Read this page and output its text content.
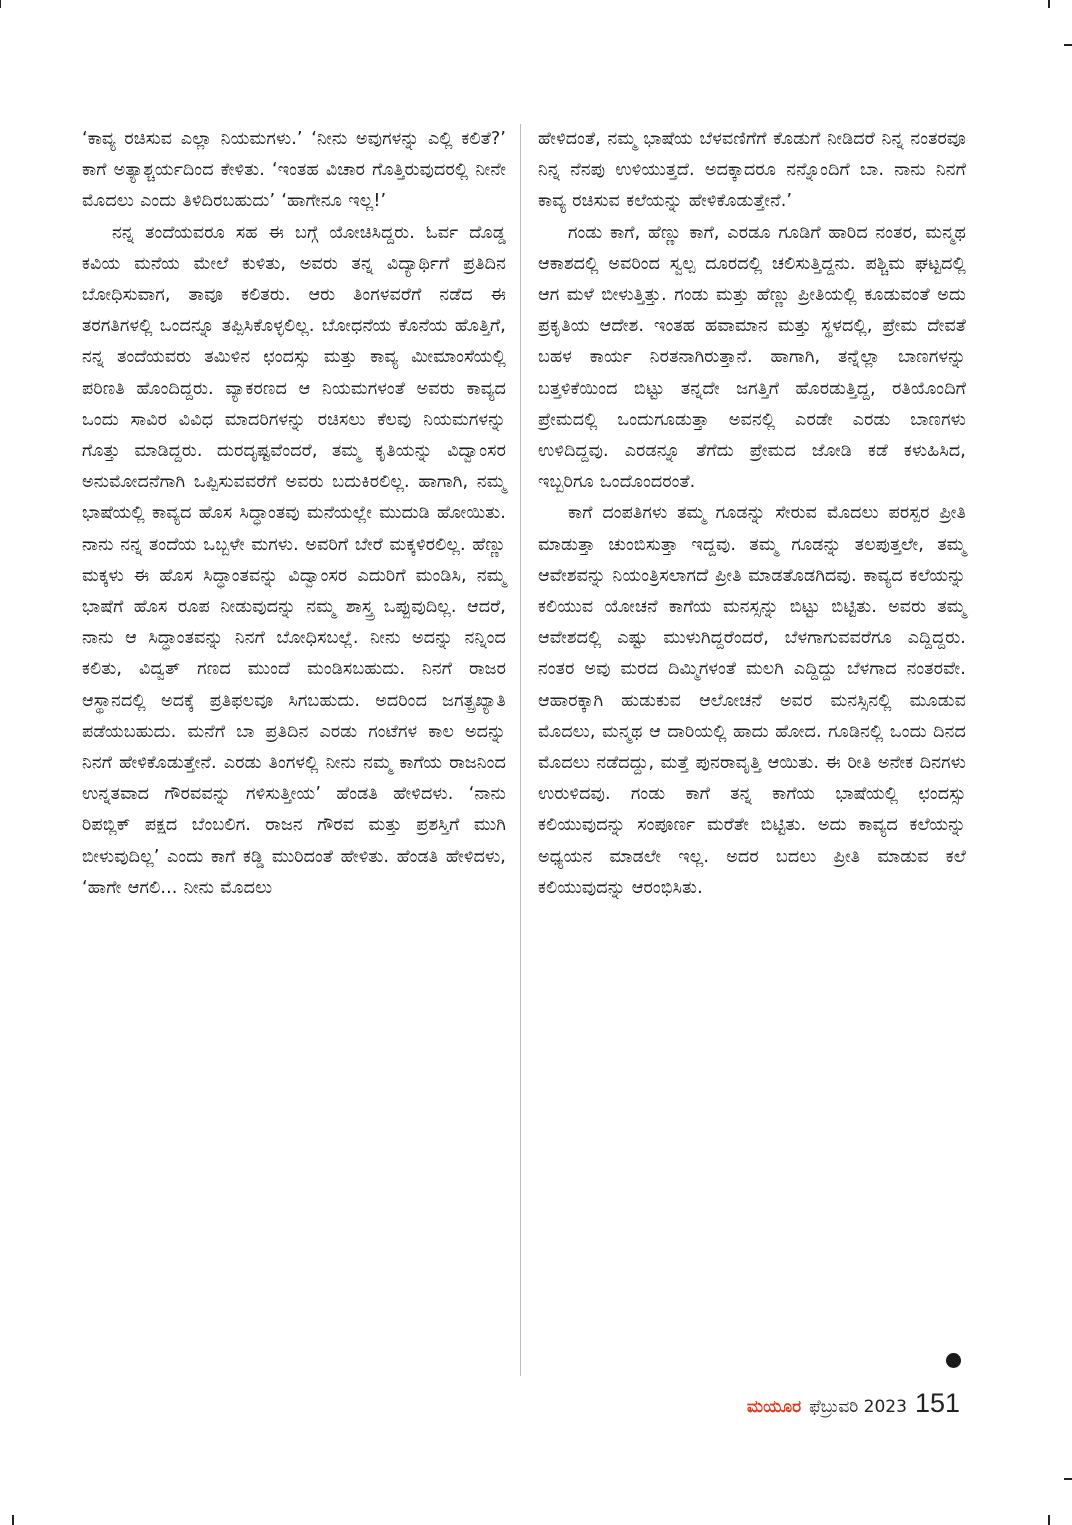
‘ಕಾವ್ಯ ರಚಿಸುವ ಎಲ್ಲಾ ನಿಯಮಗಳು.’ ‘ನೀನು ಅವುಗಳನ್ನು ಎಲ್ಲಿ ಕಲಿತೆ?’ ಕಾಗೆ ಅತ್ಯಾಶ್ಚರ್ಯದಿಂದ ಕೇಳಿತು. ‘ಇಂತಹ ವಿಚಾರ ಗೊತ್ತಿರುವುದರಲ್ಲಿ ನೀನೇ ಮೊದಲು ಎಂದು ತಿಳಿದಿರಬಹುದು’ ‘ಹಾಗೇನೂ ಇಲ್ಲ!’

ನನ್ನ ತಂದೆಯವರೂ ಸಹ ಈ ಬಗ್ಗೆ ಯೋಚಿಸಿದ್ದರು. ಓರ್ವ ದೊಡ್ಡ ಕವಿಯ ಮನೆಯ ಮೇಲೆ ಕುಳಿತು, ಅವರು ತನ್ನ ವಿದ್ಯಾರ್ಥಿಗೆ ಪ್ರತಿದಿನ ಬೋಧಿಸುವಾಗ, ತಾವೂ ಕಲಿತರು. ಆರು ತಿಂಗಳವರೆಗೆ ನಡೆದ ಈ ತರಗತಿಗಳಲ್ಲಿ ಒಂದನ್ನೂ ತಪ್ಪಿಸಿಕೊಳ್ಳಲಿಲ್ಲ. ಬೋಧನೆಯ ಕೊನೆಯ ಹೊತ್ತಿಗೆ, ನನ್ನ ತಂದೆಯವರು ತಮಿಳಿನ ಛಂದಸ್ಸು ಮತ್ತು ಕಾವ್ಯ ಮೀಮಾಂಸೆಯಲ್ಲಿ ಪರಿಣತಿ ಹೊಂದಿದ್ದರು. ವ್ಯಾಕರಣದ ಆ ನಿಯಮಗಳಂತೆ ಅವರು ಕಾವ್ಯದ ಒಂದು ಸಾವಿರ ವಿವಿಧ ಮಾದರಿಗಳನ್ನು ರಚಿಸಲು ಕೆಲವು ನಿಯಮಗಳನ್ನು ಗೊತ್ತು ಮಾಡಿದ್ದರು. ದುರದೃಷ್ಟವೆಂದರೆ, ತಮ್ಮ ಕೃತಿಯನ್ನು ವಿದ್ವಾಂಸರ ಅನುಮೋದನೆಗಾಗಿ ಒಪ್ಪಿಸುವವರೆಗೆ ಅವರು ಬದುಕಿರಲಿಲ್ಲ. ಹಾಗಾಗಿ, ನಮ್ಮ ಭಾಷೆಯಲ್ಲಿ ಕಾವ್ಯದ ಹೊಸ ಸಿದ್ಧಾಂತವು ಮನೆಯಲ್ಲೇ ಮುದುಡಿ ಹೋಯಿತು. ನಾನು ನನ್ನ ತಂದೆಯ ಒಬ್ಬಳೇ ಮಗಳು. ಅವರಿಗೆ ಬೇರೆ ಮಕ್ಕಳಿರಲಿಲ್ಲ. ಹೆಣ್ಣು ಮಕ್ಕಳು ಈ ಹೊಸ ಸಿದ್ಧಾಂತವನ್ನು ವಿದ್ವಾಂಸರ ಎದುರಿಗೆ ಮಂಡಿಸಿ, ನಮ್ಮ ಭಾಷೆಗೆ ಹೊಸ ರೂಪ ನೀಡುವುದನ್ನು ನಮ್ಮ ಶಾಸ್ತ್ರ ಒಪ್ಪುವುದಿಲ್ಲ. ಆದರೆ, ನಾನು ಆ ಸಿದ್ಧಾಂತವನ್ನು ನಿನಗೆ ಬೋಧಿಸಬಲ್ಲೆ. ನೀನು ಅದನ್ನು ನನ್ನಿಂದ ಕಲಿತು, ವಿದ್ವತ್ ಗಣದ ಮುಂದೆ ಮಂಡಿಸಬಹುದು. ನಿನಗೆ ರಾಜರ ಆಸ್ಥಾನದಲ್ಲಿ ಅದಕ್ಕೆ ಪ್ರತಿಫಲವೂ ಸಿಗಬಹುದು. ಅದರಿಂದ ಜಗತ್ಪ್ರಖ್ಯಾತಿ ಪಡೆಯಬಹುದು. ಮನೆಗೆ ಬಾ ಪ್ರತಿದಿನ ಎರಡು ಗಂಟೆಗಳ ಕಾಲ ಅದನ್ನು ನಿನಗೆ ಹೇಳಿಕೊಡುತ್ತೇನೆ. ಎರಡು ತಿಂಗಳಲ್ಲಿ ನೀನು ನಮ್ಮ ಕಾಗೆಯ ರಾಜನಿಂದ ಉನ್ನತವಾದ ಗೌರವವನ್ನು ಗಳಿಸುತ್ತೀಯ’ ಹೆಂಡತಿ ಹೇಳಿದಳು. ‘ನಾನು ರಿಪಬ್ಲಿಕ್ ಪಕ್ಷದ ಬೆಂಬಲಿಗ. ರಾಜನ ಗೌರವ ಮತ್ತು ಪ್ರಶಸ್ತಿಗೆ ಮುಗಿ ಬೀಳುವುದಿಲ್ಲ’ ಎಂದು ಕಾಗೆ ಕಡ್ಡಿ ಮುರಿದಂತೆ ಹೇಳಿತು. ಹೆಂಡತಿ ಹೇಳಿದಳು, ‘ಹಾಗೇ ಆಗಲಿ... ನೀನು ಮೊದಲು

ಹೇಳಿದಂತೆ, ನಮ್ಮ ಭಾಷೆಯ ಬೆಳವಣಿಗೆಗೆ ಕೊಡುಗೆ ನೀಡಿದರೆ ನಿನ್ನ ನಂತರವೂ ನಿನ್ನ ನೆನಪು ಉಳಿಯುತ್ತದೆ. ಅದಕ್ಕಾದರೂ ನನ್ನೊಂದಿಗೆ ಬಾ. ನಾನು ನಿನಗೆ ಕಾವ್ಯ ರಚಿಸುವ ಕಲೆಯನ್ನು ಹೇಳಿಕೊಡುತ್ತೇನೆ.’

ಗಂಡು ಕಾಗೆ, ಹೆಣ್ಣು ಕಾಗೆ, ಎರಡೂ ಗೂಡಿಗೆ ಹಾರಿದ ನಂತರ, ಮನ್ಮಥ ಆಕಾಶದಲ್ಲಿ ಅವರಿಂದ ಸ್ವಲ್ಪ ದೂರದಲ್ಲಿ ಚಲಿಸುತ್ತಿದ್ದನು. ಪಶ್ಚಿಮ ಘಟ್ಟದಲ್ಲಿ ಆಗ ಮಳೆ ಬೀಳುತ್ತಿತ್ತು. ಗಂಡು ಮತ್ತು ಹೆಣ್ಣು ಪ್ರೀತಿಯಲ್ಲಿ ಕೂಡುವಂತೆ ಅದು ಪ್ರಕೃತಿಯ ಆದೇಶ. ಇಂತಹ ಹವಾಮಾನ ಮತ್ತು ಸ್ಥಳದಲ್ಲಿ, ಪ್ರೇಮ ದೇವತೆ ಬಹಳ ಕಾರ್ಯ ನಿರತನಾಗಿರುತ್ತಾನೆ. ಹಾಗಾಗಿ, ತನ್ನೆಲ್ಲಾ ಬಾಣಗಳನ್ನು ಬತ್ತಳಿಕೆಯಿಂದ ಬಿಟ್ಟು ತನ್ನದೇ ಜಗತ್ತಿಗೆ ಹೊರಡುತ್ತಿದ್ದ, ರತಿಯೊಂದಿಗೆ ಪ್ರೇಮದಲ್ಲಿ ಒಂದುಗೂಡುತ್ತಾ ಅವನಲ್ಲಿ ಎರಡೇ ಎರಡು ಬಾಣಗಳು ಉಳಿದಿದ್ದವು. ಎರಡನ್ನೂ ತೆಗೆದು ಪ್ರೇಮದ ಜೋಡಿ ಕಡೆ ಕಳುಹಿಸಿದ, ಇಬ್ಬರಿಗೂ ಒಂದೊಂದರಂತೆ.

ಕಾಗೆ ದಂಪತಿಗಳು ತಮ್ಮ ಗೂಡನ್ನು ಸೇರುವ ಮೊದಲು ಪರಸ್ಪರ ಪ್ರೀತಿ ಮಾಡುತ್ತಾ ಚುಂಬಿಸುತ್ತಾ ಇದ್ದವು. ತಮ್ಮ ಗೂಡನ್ನು ತಲಪುತ್ತಲೇ, ತಮ್ಮ ಆವೇಶವನ್ನು ನಿಯಂತ್ರಿಸಲಾಗದೆ ಪ್ರೀತಿ ಮಾಡತೊಡಗಿದವು. ಕಾವ್ಯದ ಕಲೆಯನ್ನು ಕಲಿಯುವ ಯೋಚನೆ ಕಾಗೆಯ ಮನಸ್ಸನ್ನು ಬಿಟ್ಟು ಬಿಟ್ಟಿತು. ಅವರು ತಮ್ಮ ಆವೇಶದಲ್ಲಿ ಎಷ್ಟು ಮುಳುಗಿದ್ದರೆಂದರೆ, ಬೆಳಗಾಗುವವರೆಗೂ ಎದ್ದಿದ್ದರು. ನಂತರ ಅವು ಮರದ ದಿಮ್ಮಿಗಳಂತೆ ಮಲಗಿ ಎದ್ದಿದ್ದು ಬೆಳಗಾದ ನಂತರವೇ. ಆಹಾರಕ್ಕಾಗಿ ಹುಡುಕುವ ಆಲೋಚನೆ ಅವರ ಮನಸ್ಸಿನಲ್ಲಿ ಮೂಡುವ ಮೊದಲು, ಮನ್ಮಥ ಆ ದಾರಿಯಲ್ಲಿ ಹಾದು ಹೋದ. ಗೂಡಿನಲ್ಲಿ ಒಂದು ದಿನದ ಮೊದಲು ನಡೆದದ್ದು, ಮತ್ತೆ ಪುನರಾವೃತ್ತಿ ಆಯಿತು. ಈ ರೀತಿ ಅನೇಕ ದಿನಗಳು ಉರುಳಿದವು. ಗಂಡು ಕಾಗೆ ತನ್ನ ಕಾಗೆಯ ಭಾಷೆಯಲ್ಲಿ ಛಂದಸ್ಸು ಕಲಿಯುವುದನ್ನು ಸಂಪೂರ್ಣ ಮರೆತೇ ಬಿಟ್ಟಿತು. ಅದು ಕಾವ್ಯದ ಕಲೆಯನ್ನು ಅಧ್ಯಯನ ಮಾಡಲೇ ಇಲ್ಲ. ಅದರ ಬದಲು ಪ್ರೀತಿ ಮಾಡುವ ಕಲೆ ಕಲಿಯುವುದನ್ನು ಆರಂಭಿಸಿತು.

ಮಯೂರ ಫೆಬ್ರುವರಿ 2023 151
